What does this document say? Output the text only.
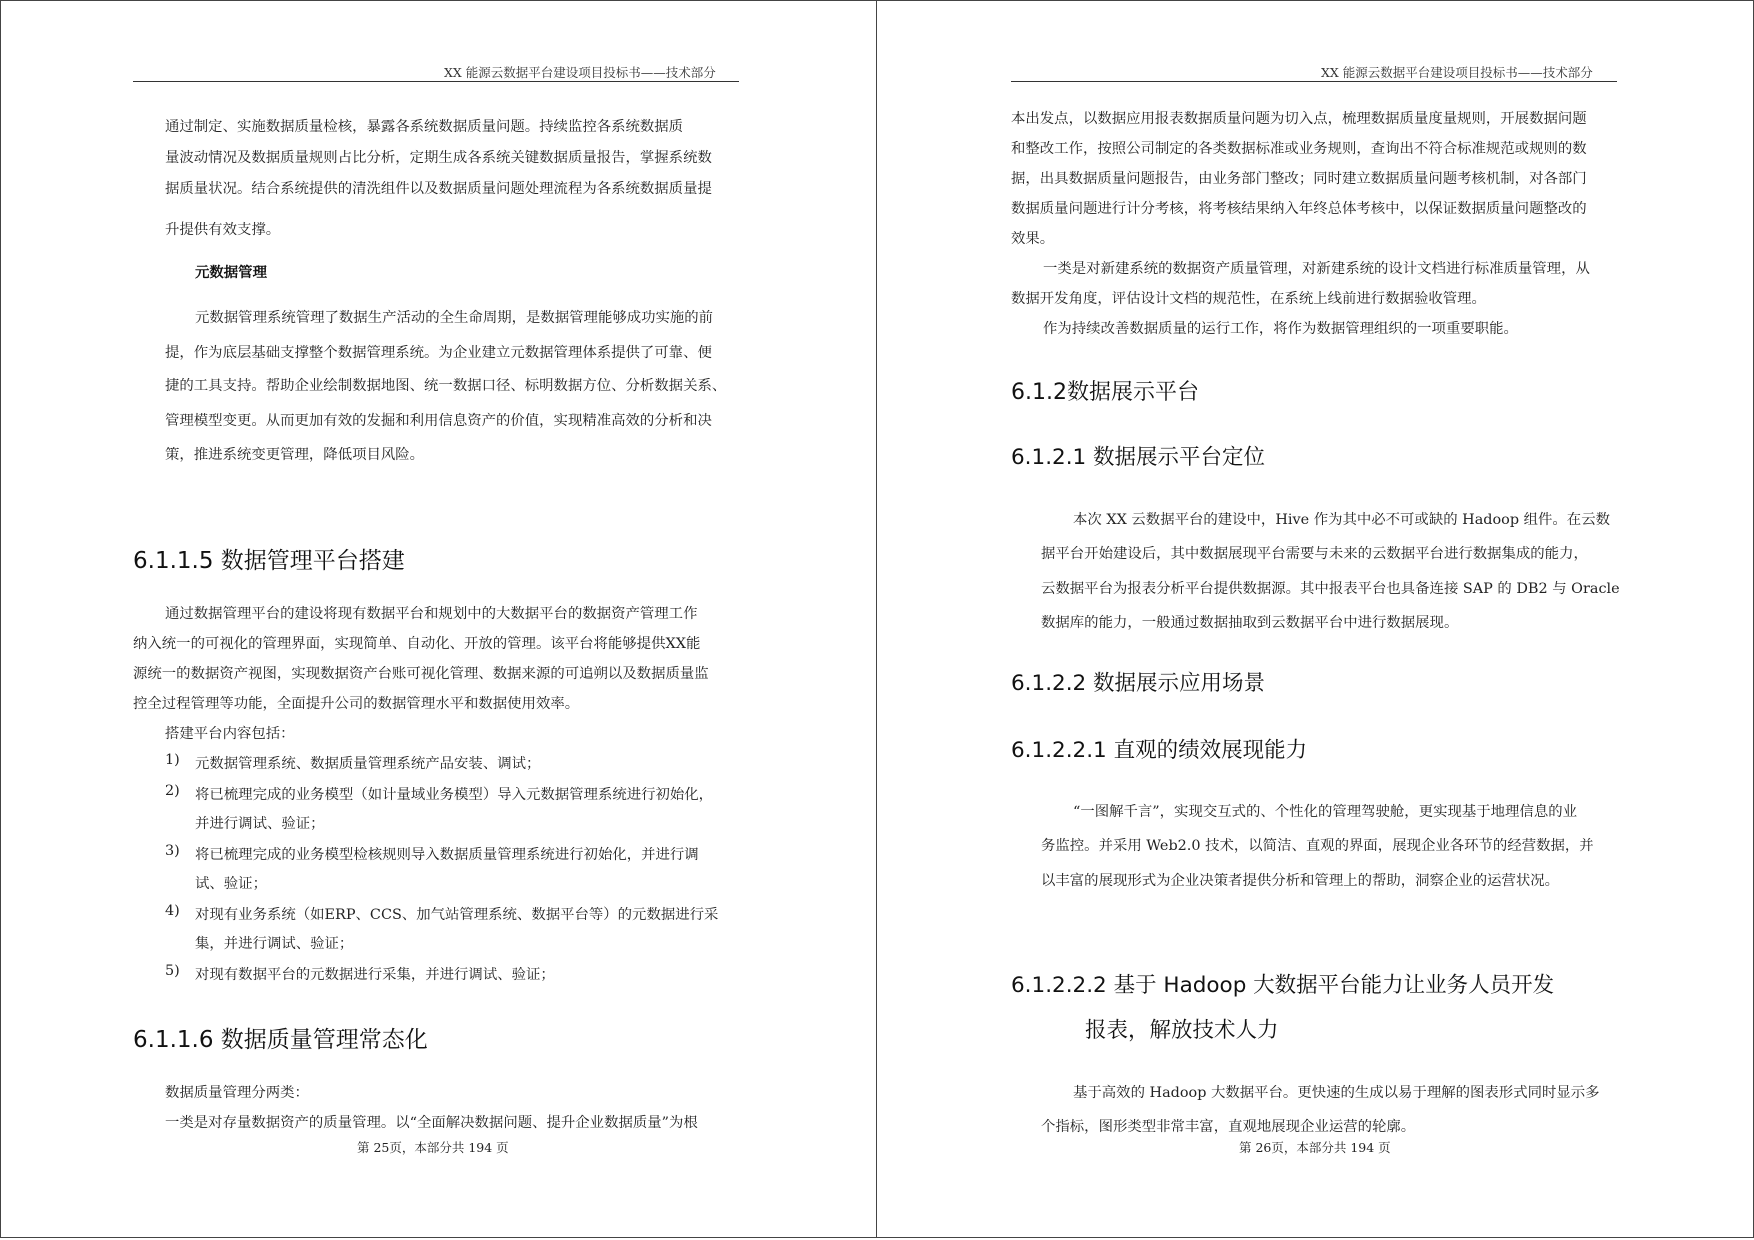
XX 能源云数据平台建设项目投标书——技术部分
通过制定、实施数据质量检核，暴露各系统数据质量问题。持续监控各系统数据质
量波动情况及数据质量规则占比分析，定期生成各系统关键数据质量报告，掌握系统数
据质量状况。结合系统提供的清洗组件以及数据质量问题处理流程为各系统数据质量提
升提供有效支撑。
元数据管理
元数据管理系统管理了数据生产活动的全生命周期，是数据管理能够成功实施的前
提，作为底层基础支撑整个数据管理系统。为企业建立元数据管理体系提供了可靠、便
捷的工具支持。帮助企业绘制数据地图、统一数据口径、标明数据方位、分析数据关系、
管理模型变更。从而更加有效的发掘和利用信息资产的价值，实现精准高效的分析和决
策，推进系统变更管理，降低项目风险。
6.1.1.5 数据管理平台搭建
通过数据管理平台的建设将现有数据平台和规划中的大数据平台的数据资产管理工作
纳入统一的可视化的管理界面，实现简单、自动化、开放的管理。该平台将能够提供XX能
源统一的数据资产视图，实现数据资产台账可视化管理、数据来源的可追朔以及数据质量监
控全过程管理等功能，全面提升公司的数据管理水平和数据使用效率。
搭建平台内容包括：
1) 元数据管理系统、数据质量管理系统产品安装、调试；
2) 将已梳理完成的业务模型（如计量域业务模型）导入元数据管理系统进行初始化，
并进行调试、验证；
3) 将已梳理完成的业务模型检核规则导入数据质量管理系统进行初始化，并进行调
试、验证；
4) 对现有业务系统（如ERP、CCS、加气站管理系统、数据平台等）的元数据进行采
集，并进行调试、验证；
5) 对现有数据平台的元数据进行采集，并进行调试、验证；
6.1.1.6 数据质量管理常态化
数据质量管理分两类：
一类是对存量数据资产的质量管理。以“全面解决数据问题、提升企业数据质量”为根
第 25页，本部分共 194 页
XX 能源云数据平台建设项目投标书——技术部分
本出发点，以数据应用报表数据质量问题为切入点，梳理数据质量度量规则，开展数据问题
和整改工作，按照公司制定的各类数据标准或业务规则，查询出不符合标准规范或规则的数
据，出具数据质量问题报告，由业务部门整改；同时建立数据质量问题考核机制，对各部门
数据质量问题进行计分考核，将考核结果纳入年终总体考核中，以保证数据质量问题整改的
效果。
一类是对新建系统的数据资产质量管理，对新建系统的设计文档进行标准质量管理，从
数据开发角度，评估设计文档的规范性，在系统上线前进行数据验收管理。
作为持续改善数据质量的运行工作，将作为数据管理组织的一项重要职能。
6.1.2数据展示平台
6.1.2.1 数据展示平台定位
本次 XX 云数据平台的建设中，Hive 作为其中必不可或缺的 Hadoop 组件。在云数
据平台开始建设后，其中数据展现平台需要与未来的云数据平台进行数据集成的能力，
云数据平台为报表分析平台提供数据源。其中报表平台也具备连接 SAP 的 DB2 与 Oracle
数据库的能力，一般通过数据抽取到云数据平台中进行数据展现。
6.1.2.2 数据展示应用场景
6.1.2.2.1 直观的绩效展现能力
“一图解千言”，实现交互式的、个性化的管理驾驶舱，更实现基于地理信息的业
务监控。并采用 Web2.0 技术，以简洁、直观的界面，展现企业各环节的经营数据，并
以丰富的展现形式为企业决策者提供分析和管理上的帮助，洞察企业的运营状况。
6.1.2.2.2 基于 Hadoop 大数据平台能力让业务人员开发
报表，解放技术人力
基于高效的 Hadoop 大数据平台。更快速的生成以易于理解的图表形式同时显示多
个指标，图形类型非常丰富，直观地展现企业运营的轮廓。
第 26页，本部分共 194 页
